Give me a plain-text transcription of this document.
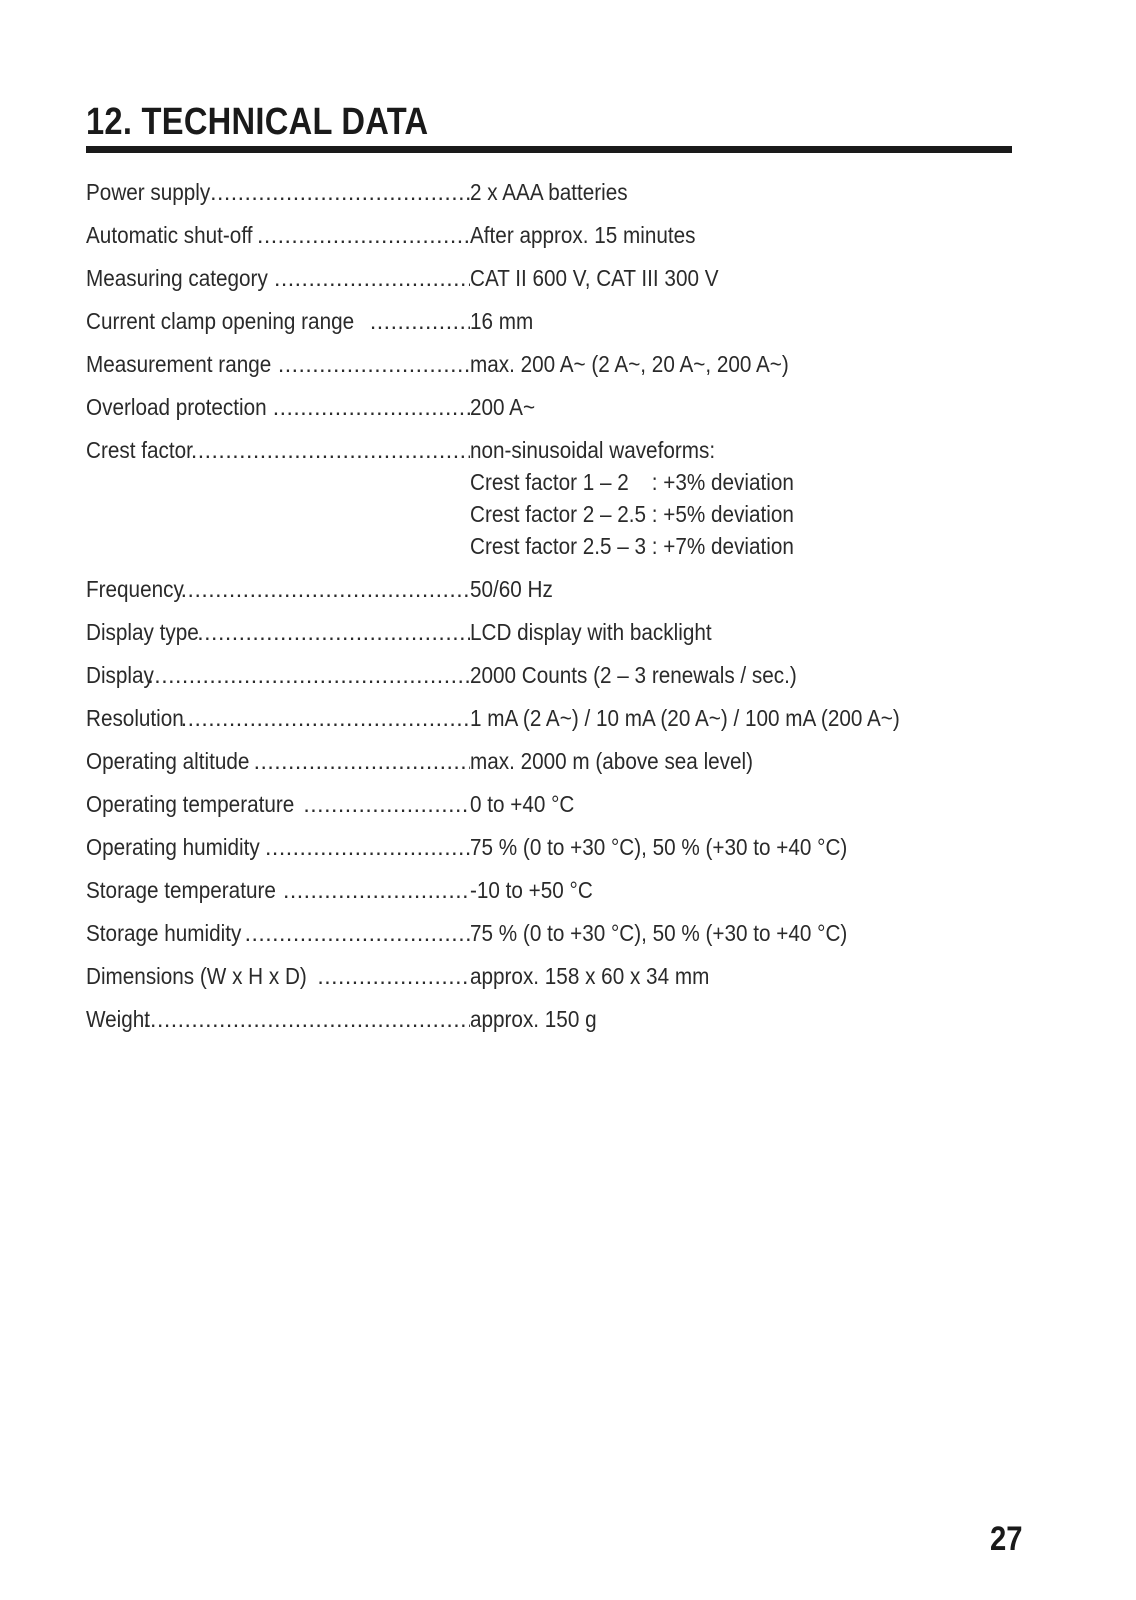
12. TECHNICAL DATA
Power supply .....	2 x AAA batteries
Automatic shut-off .....	After approx. 15 minutes
Measuring category .....	CAT II 600 V, CAT III 300 V
Current clamp opening range .....	16 mm
Measurement range .....	max. 200 A~ (2 A~, 20 A~, 200 A~)
Overload protection .....	200 A~
Crest factor .....	non-sinusoidal waveforms:
Crest factor 1 – 2    : +3% deviation
Crest factor 2 – 2.5 : +5% deviation
Crest factor 2.5 – 3 : +7% deviation
Frequency .....	50/60 Hz
Display type .....	LCD display with backlight
Display .....	2000 Counts (2 – 3 renewals / sec.)
Resolution .....	1 mA (2 A~) / 10 mA (20 A~) / 100 mA (200 A~)
Operating altitude .....	max. 2000 m (above sea level)
Operating temperature .....	0 to +40 °C
Operating humidity .....	75 % (0 to +30 °C), 50 % (+30 to +40 °C)
Storage temperature .....	-10 to +50 °C
Storage humidity .....	75 % (0 to +30 °C), 50 % (+30 to +40 °C)
Dimensions (W x H x D) .....	approx. 158 x 60 x 34 mm
Weight .....	approx. 150 g
27
